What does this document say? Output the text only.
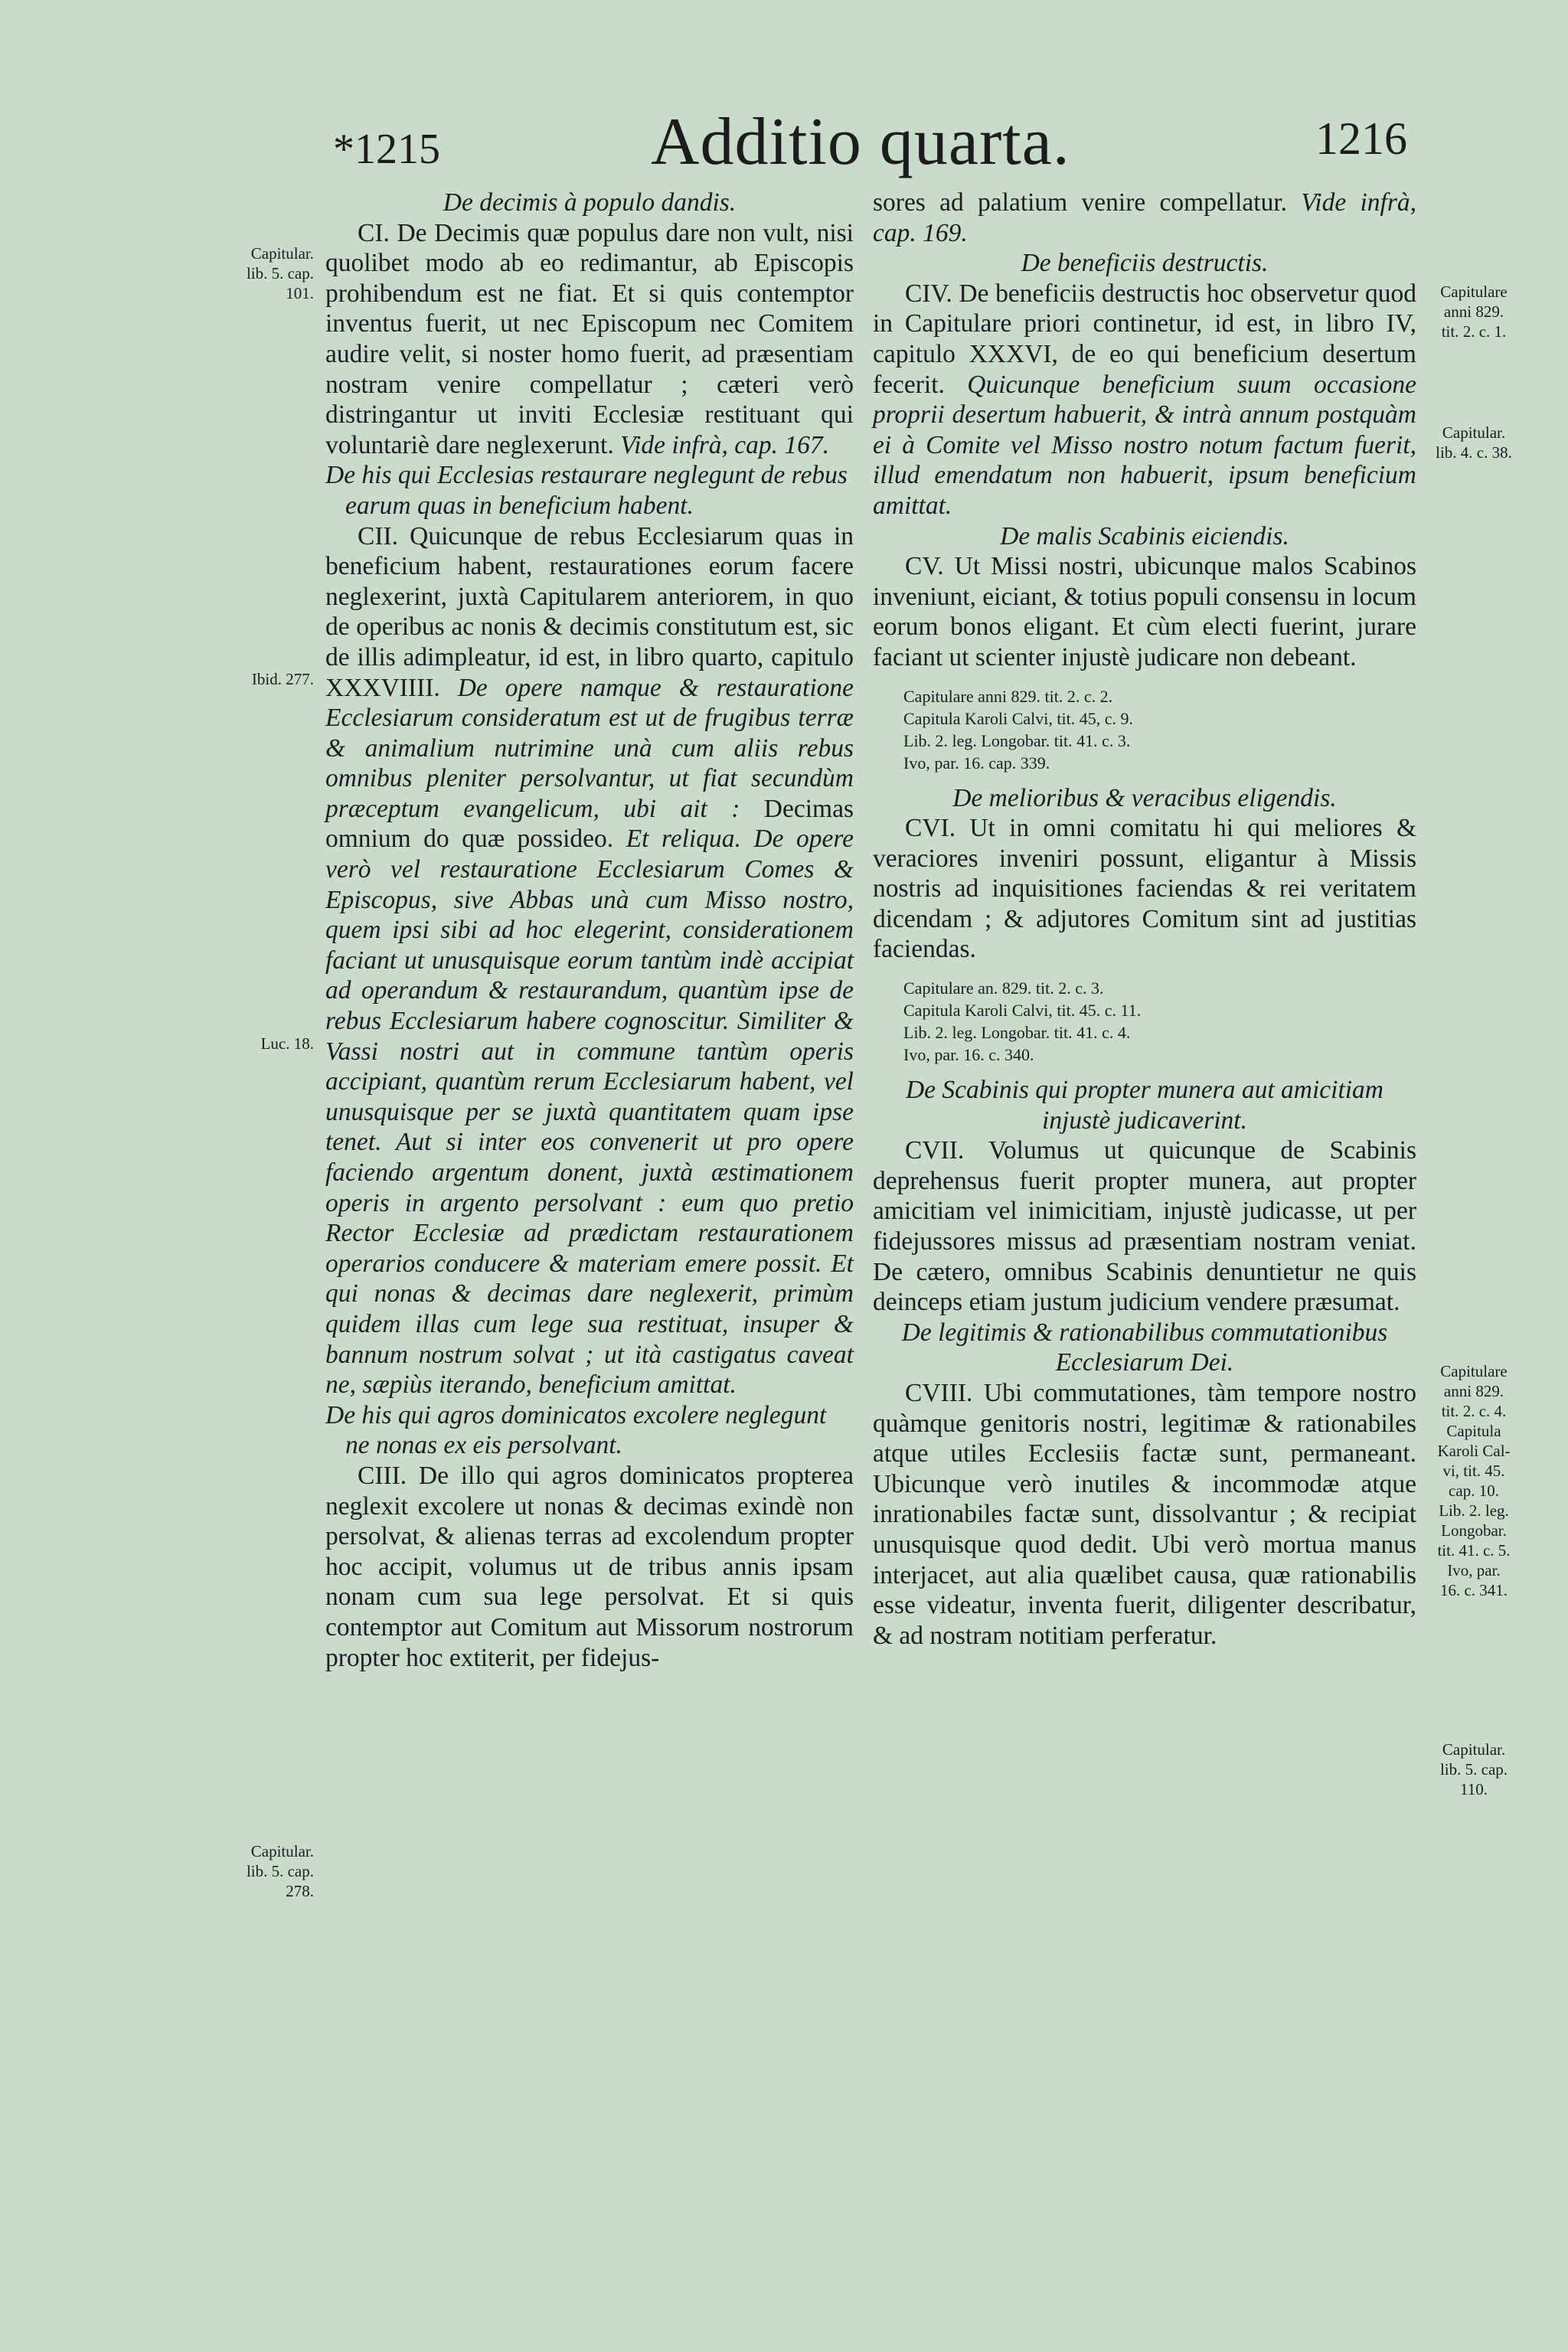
*1215	Additio quarta.	1216

De decimis à populo dandis.

CI. De Decimis quæ populus dare non vult, nisi quolibet modo ab eo redimantur, ab Episcopis prohibendum est ne fiat. Et si quis contemptor inventus fuerit, ut nec Episcopum nec Comitem audire velit, si noster homo fuerit, ad præsentiam nostram venire compellatur ; cæteri verò distringantur ut inviti Ecclesiæ restituant qui voluntariè dare neglexerunt. Vide infrà, cap. 167.

De his qui Ecclesias restaurare neglegunt de rebus earum quas in beneficium habent.

CII. Quicunque de rebus Ecclesiarum quas in beneficium habent, restaurationes eorum facere neglexerint, juxtà Capitularem anteriorem, in quo de operibus ac nonis & decimis constitutum est, sic de illis adimpleatur, id est, in libro quarto, capitulo XXXVIIII. De opere namque & restauratione Ecclesiarum consideratum est ut de frugibus terræ & animalium nutrimine unà cum aliis rebus omnibus pleniter persolvantur, ut fiat secundùm præceptum evangelicum, ubi ait : Decimas omnium do quæ possideo. Et reliqua. De opere verò vel restauratione Ecclesiarum Comes & Episcopus, sive Abbas unà cum Misso nostro, quem ipsi sibi ad hoc elegerint, considerationem faciant ut unusquisque eorum tantùm indè accipiat ad operandum & restaurandum, quantùm ipse de rebus Ecclesiarum habere cognoscitur. Similiter & Vassi nostri aut in commune tantùm operis accipiant, quantùm rerum Ecclesiarum habent, vel unusquisque per se juxtà quantitatem quam ipse tenet. Aut si inter eos convenerit ut pro opere faciendo argentum donent, juxtà æstimationem operis in argento persolvant : eum quo pretio Rector Ecclesiæ ad prædictam restaurationem operarios conducere & materiam emere possit. Et qui nonas & decimas dare neglexerit, primùm quidem illas cum lege sua restituat, insuper & bannum nostrum solvat ; ut ità castigatus caveat ne, sæpiùs iterando, beneficium amittat.

De his qui agros dominicatos excolere neglegunt ne nonas ex eis persolvant.

CIII. De illo qui agros dominicatos propterea neglexit excolere ut nonas & decimas exindè non persolvat, & alienas terras ad excolendum propter hoc accipit, volumus ut de tribus annis ipsam nonam cum sua lege persolvat. Et si quis contemptor aut Comitum aut Missorum nostrorum propter hoc extiterit, per fidejus-

sores ad palatium venire compellatur. Vide infrà, cap. 169.

De beneficiis destructis.

CIV. De beneficiis destructis hoc observetur quod in Capitulare priori continetur, id est, in libro IV, capitulo XXXVI, de eo qui beneficium desertum fecerit. Quicunque beneficium suum occasione proprii desertum habuerit, & intrà annum postquàm ei à Comite vel Misso nostro notum factum fuerit, illud emendatum non habuerit, ipsum beneficium amittat.

De malis Scabinis eiciendis.

CV. Ut Missi nostri, ubicunque malos Scabinos inveniunt, eiciant, & totius populi consensu in locum eorum bonos eligant. Et cùm electi fuerint, jurare faciant ut scienter injustè judicare non debeant.

Capitulare anni 829. tit. 2. c. 2.
Capitula Karoli Calvi, tit. 45, c. 9.
Lib. 2. leg. Longobar. tit. 41. c. 3.
Ivo, par. 16. cap. 339.

De melioribus & veracibus eligendis.

CVI. Ut in omni comitatu hi qui meliores & veraciores inveniri possunt, eligantur à Missis nostris ad inquisitiones faciendas & rei veritatem dicendam ; & adjutores Comitum sint ad justitias faciendas.

Capitulare an. 829. tit. 2. c. 3.
Capitula Karoli Calvi, tit. 45. c. 11.
Lib. 2. leg. Longobar. tit. 41. c. 4.
Ivo, par. 16. c. 340.

De Scabinis qui propter munera aut amicitiam injustè judicaverint.

CVII. Volumus ut quicunque de Scabinis deprehensus fuerit propter munera, aut propter amicitiam vel inimicitiam, injustè judicasse, ut per fidejussores missus ad præsentiam nostram veniat. De cætero, omnibus Scabinis denuntietur ne quis deinceps etiam justum judicium vendere præsumat.

De legitimis & rationabilibus commutationibus Ecclesiarum Dei.

CVIII. Ubi commutationes, tàm tempore nostro quàmque genitoris nostri, legitimæ & rationabiles atque utiles Ecclesiis factæ sunt, permaneant. Ubicunque verò inutiles & incommodæ atque inrationabiles factæ sunt, dissolvantur ; & recipiat unusquisque quod dedit. Ubi verò mortua manus interjacet, aut alia quælibet causa, quæ rationabilis esse videatur, inventa fuerit, diligenter describatur, & ad nostram notitiam perferatur.

Capitular.
lib. 5. cap.
101.
Ibid. 277.
Luc. 18.
Capitular.
lib. 5. cap.
278.
Capitulare
anni 829.
tit. 2. c. 1.
Capitular.
lib. 4. c. 38.
Capitulare
anni 829.
tit. 2. c. 4.
Capitula
Karoli Cal-
vi, tit. 45.
cap. 10.
Lib. 2. leg.
Longobar.
tit. 41. c. 5.
Ivo, par.
16. c. 341.
Capitular.
lib. 5. cap.
110.
